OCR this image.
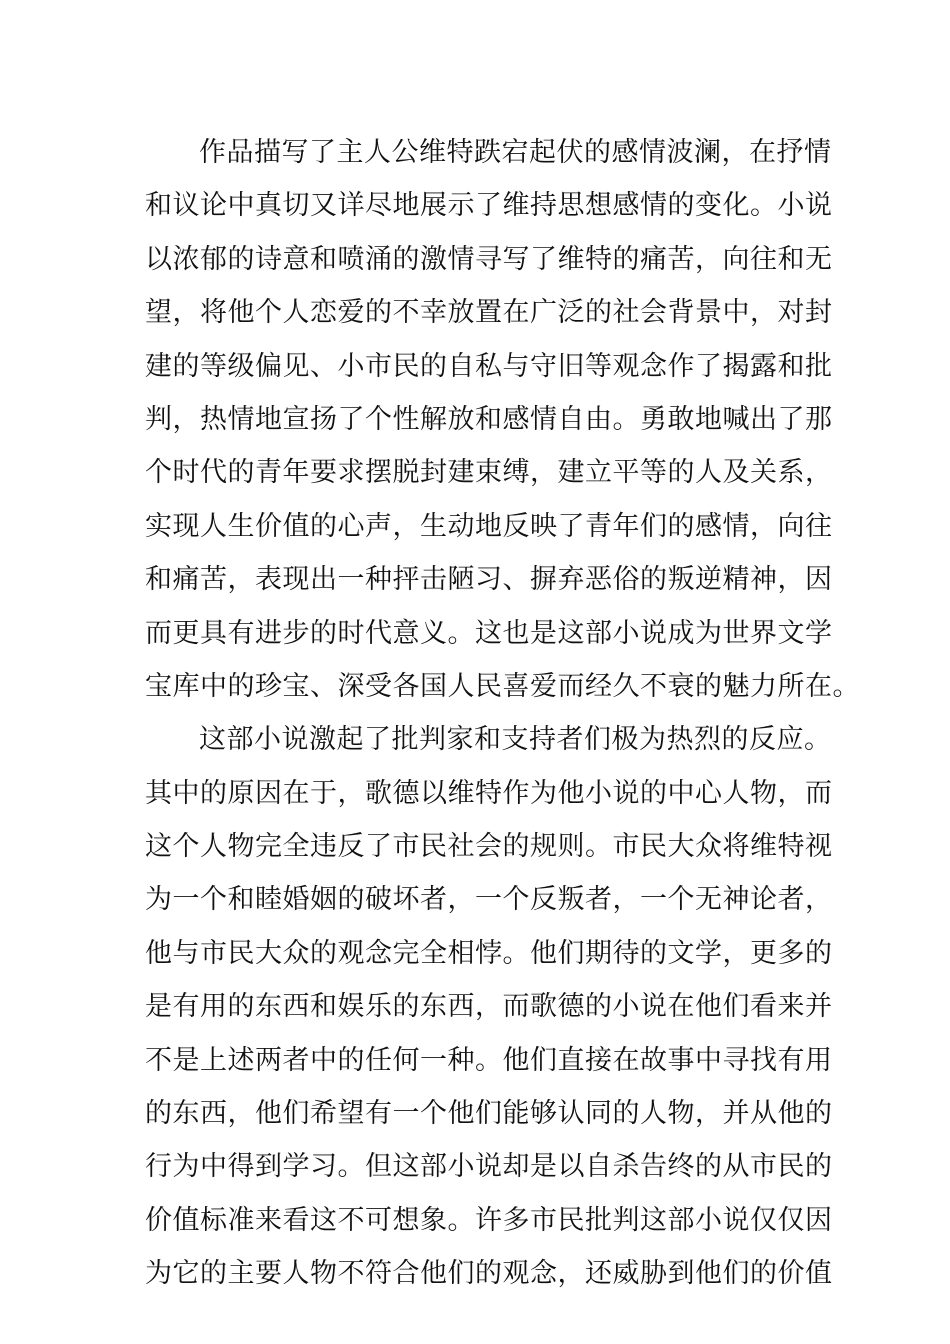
作品描写了主人公维特跌宕起伏的感情波澜，在抒情
和议论中真切又详尽地展示了维持思想感情的变化。小说
以浓郁的诗意和喷涌的激情寻写了维特的痛苦，向往和无
望，将他个人恋爱的不幸放置在广泛的社会背景中，对封
建的等级偏见、小市民的自私与守旧等观念作了揭露和批
判，热情地宣扬了个性解放和感情自由。勇敢地喊出了那
个时代的青年要求摆脱封建束缚，建立平等的人及关系，
实现人生价值的心声，生动地反映了青年们的感情，向往
和痛苦，表现出一种抨击陋习、摒弃恶俗的叛逆精神，因
而更具有进步的时代意义。这也是这部小说成为世界文学
宝库中的珍宝、深受各国人民喜爱而经久不衰的魅力所在。
这部小说激起了批判家和支持者们极为热烈的反应。
其中的原因在于，歌德以维特作为他小说的中心人物，而
这个人物完全违反了市民社会的规则。市民大众将维特视
为一个和睦婚姻的破坏者，一个反叛者，一个无神论者，
他与市民大众的观念完全相悖。他们期待的文学，更多的
是有用的东西和娱乐的东西，而歌德的小说在他们看来并
不是上述两者中的任何一种。他们直接在故事中寻找有用
的东西，他们希望有一个他们能够认同的人物，并从他的
行为中得到学习。但这部小说却是以自杀告终的从市民的
价值标准来看这不可想象。许多市民批判这部小说仅仅因
为它的主要人物不符合他们的观念，还威胁到他们的价值
